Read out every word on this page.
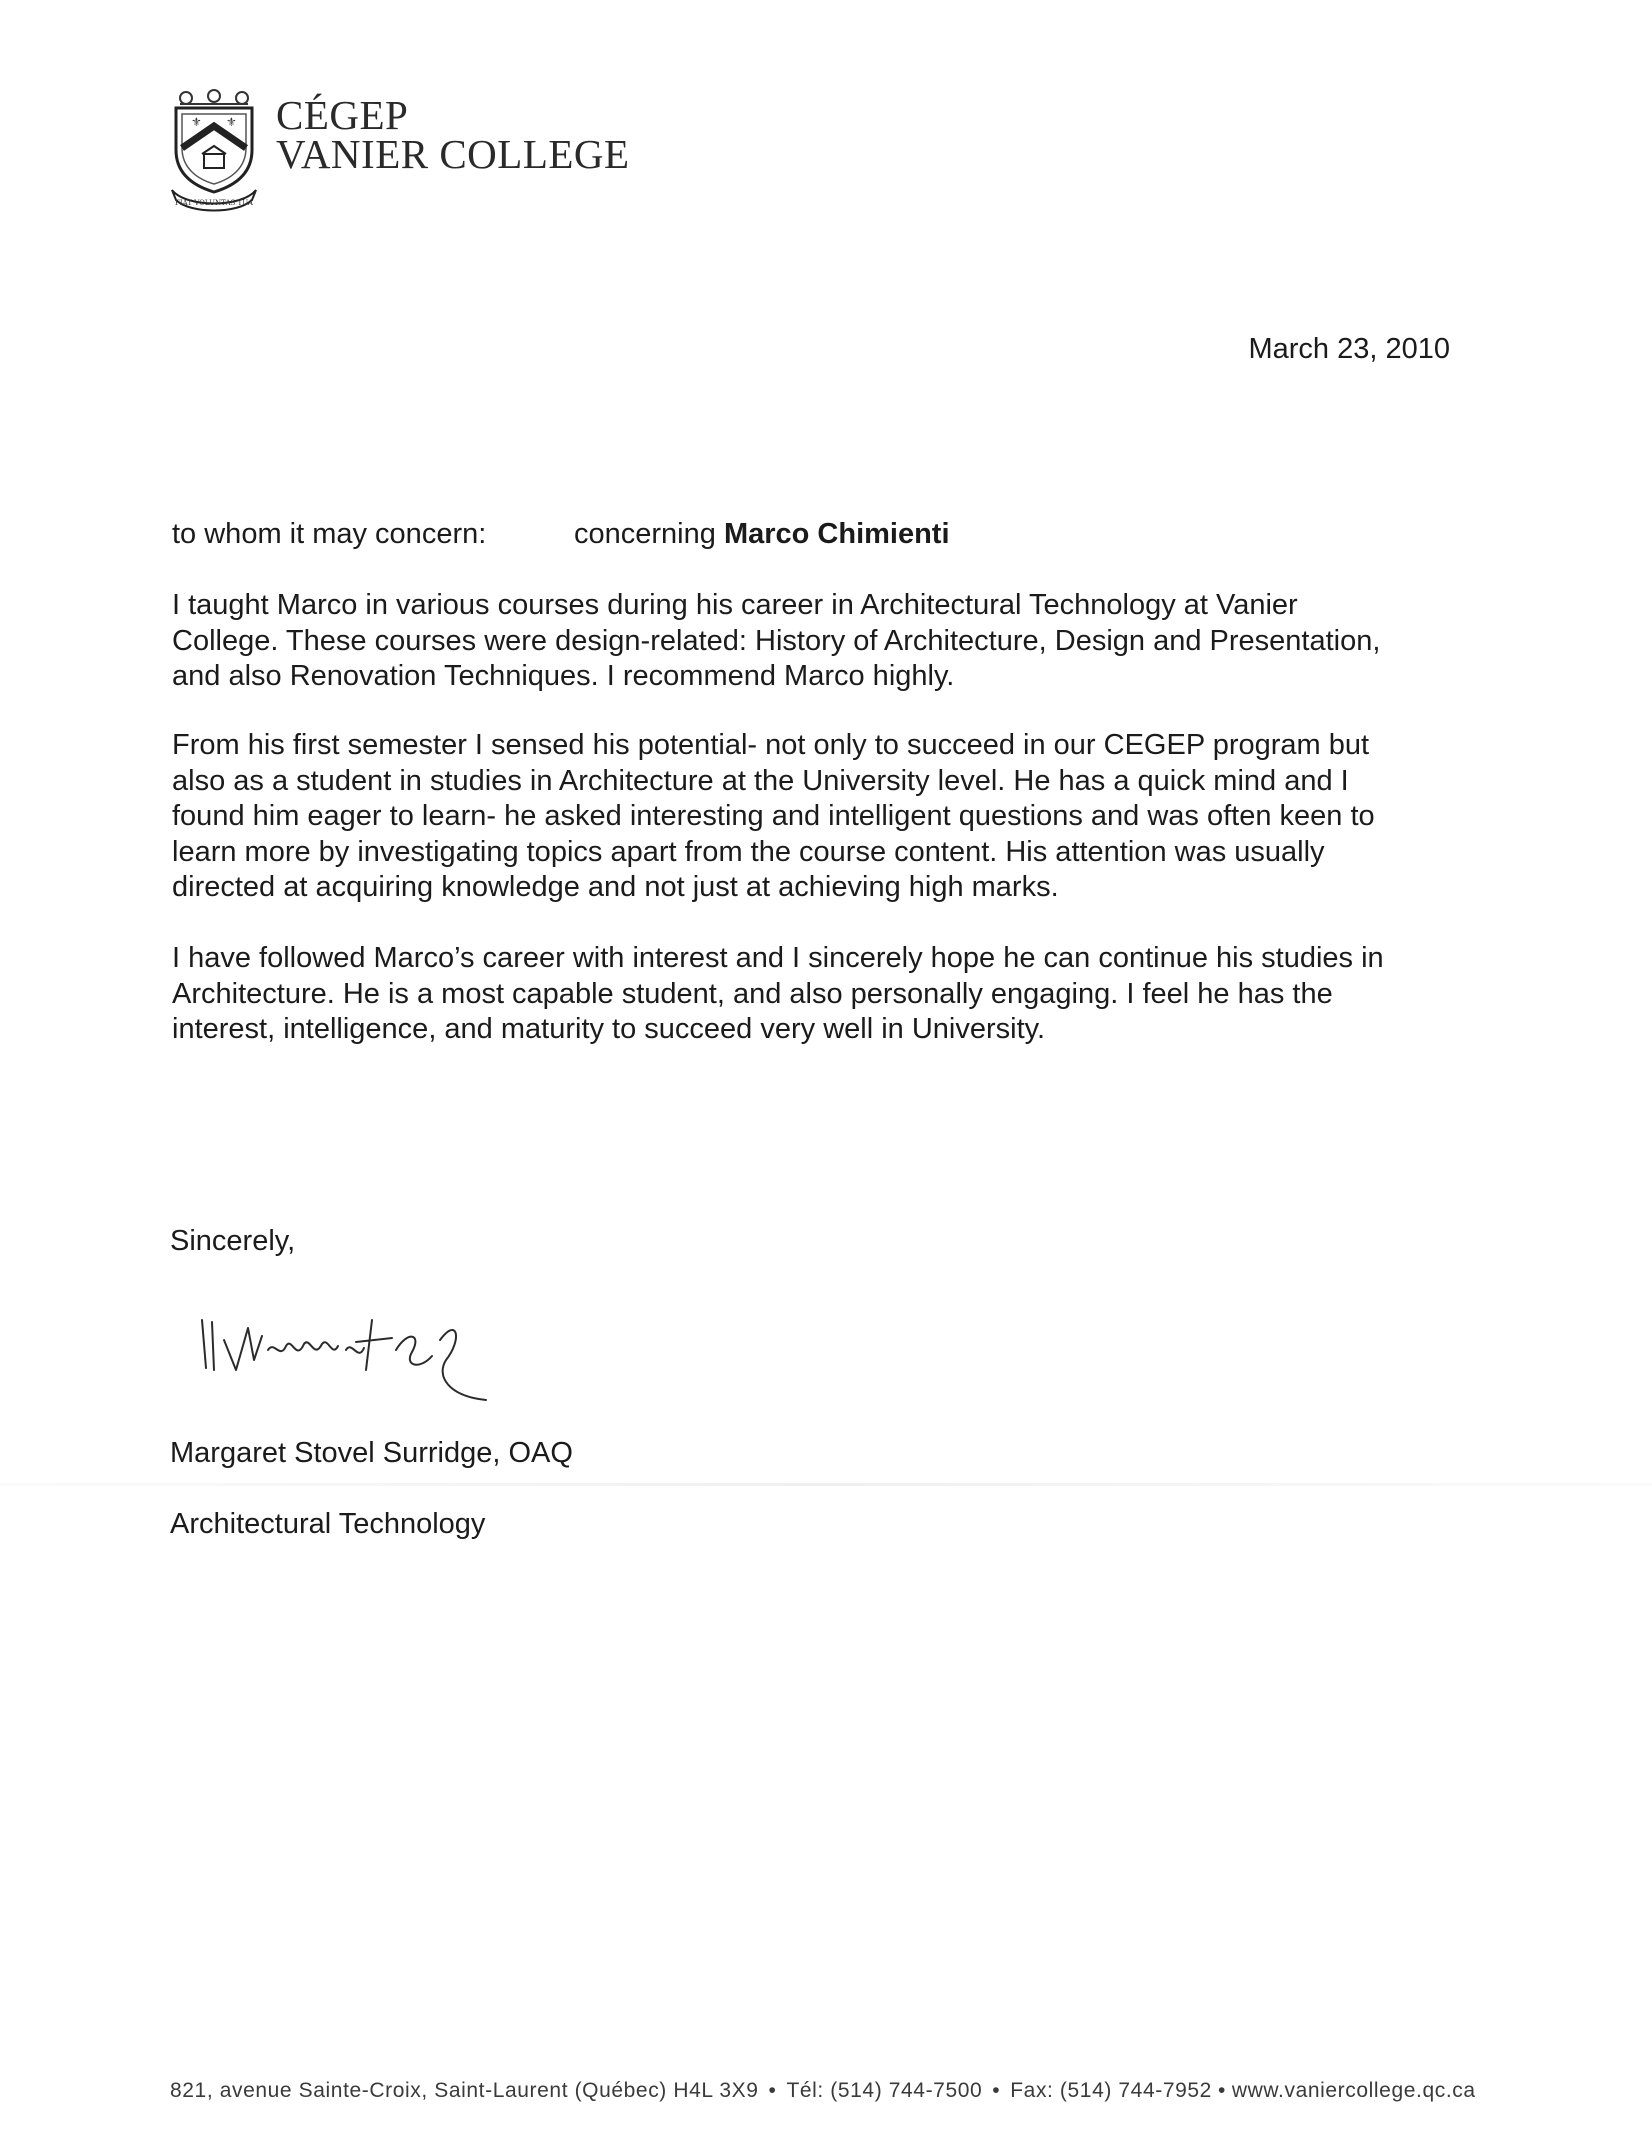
⚜ ⚜
FIAT VOLUNTAS TUA
CÉGEP
VANIER COLLEGE
March 23, 2010
to whom it may concern:	concerning Marco Chimienti
I taught Marco in various courses during his career in Architectural Technology at Vanier
College. These courses were design-related: History of Architecture, Design and Presentation,
and also Renovation Techniques. I recommend Marco highly.
From his first semester I sensed his potential- not only to succeed in our CEGEP program but
also as a student in studies in Architecture at the University level. He has a quick mind and I
found him eager to learn- he asked interesting and intelligent questions and was often keen to
learn more by investigating topics apart from the course content. His attention was usually
directed at acquiring knowledge and not just at achieving high marks.
I have followed Marco’s career with interest and I sincerely hope he can continue his studies in
Architecture. He is a most capable student, and also personally engaging. I feel he has the
interest, intelligence, and maturity to succeed very well in University.
Sincerely,
Margaret Stovel Surridge, OAQ
Architectural Technology
821, avenue Sainte-Croix, Saint-Laurent (Québec) H4L 3X9 • Tél: (514) 744-7500 • Fax: (514) 744-7952 • www.vaniercollege.qc.ca
